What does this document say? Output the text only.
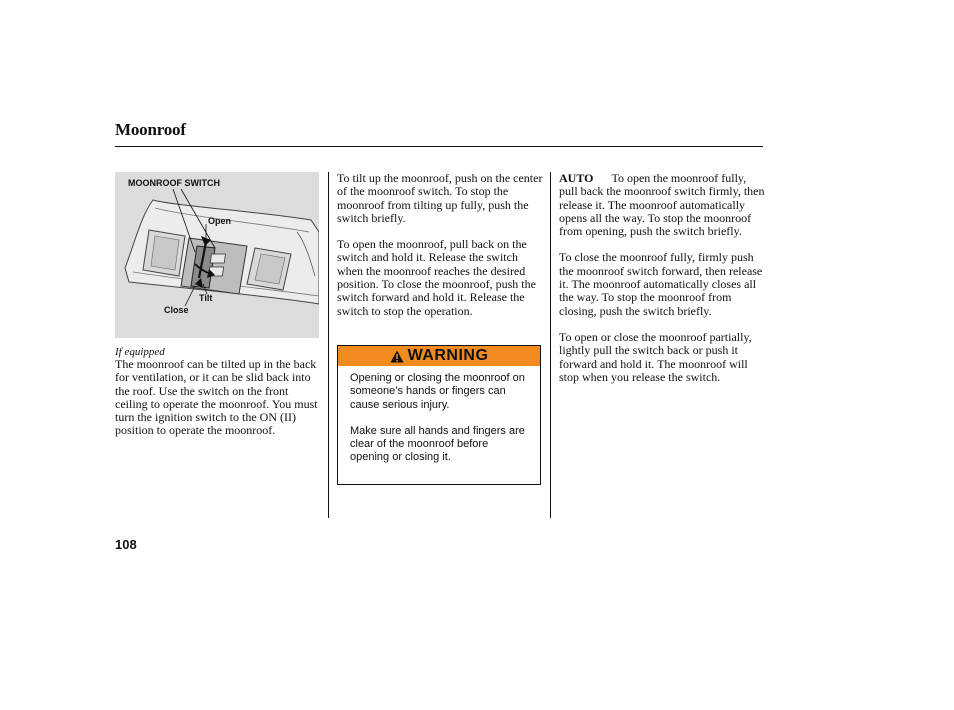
Moonroof
MOONROOF SWITCH
Open
Tilt
Close
If equipped

The moonroof can be tilted up in the back for ventilation, or it can be slid back into the roof. Use the switch on the front ceiling to operate the moonroof. You must turn the ignition switch to the ON (II) position to operate the moonroof.

To tilt up the moonroof, push on the center of the moonroof switch. To stop the moonroof from tilting up fully, push the switch briefly.

To open the moonroof, pull back on the switch and hold it. Release the switch when the moonroof reaches the desired position. To close the moonroof, push the switch forward and hold it. Release the switch to stop the operation.

WARNING

Opening or closing the moonroof on someone’s hands or fingers can cause serious injury.

Make sure all hands and fingers are clear of the moonroof before opening or closing it.

AUTO To open the moonroof fully, pull back the moonroof switch firmly, then release it. The moonroof automatically opens all the way. To stop the moonroof from opening, push the switch briefly.

To close the moonroof fully, firmly push the moonroof switch forward, then release it. The moonroof automatically closes all the way. To stop the moonroof from closing, push the switch briefly.

To open or close the moonroof partially, lightly pull the switch back or push it forward and hold it. The moonroof will stop when you release the switch.

108
